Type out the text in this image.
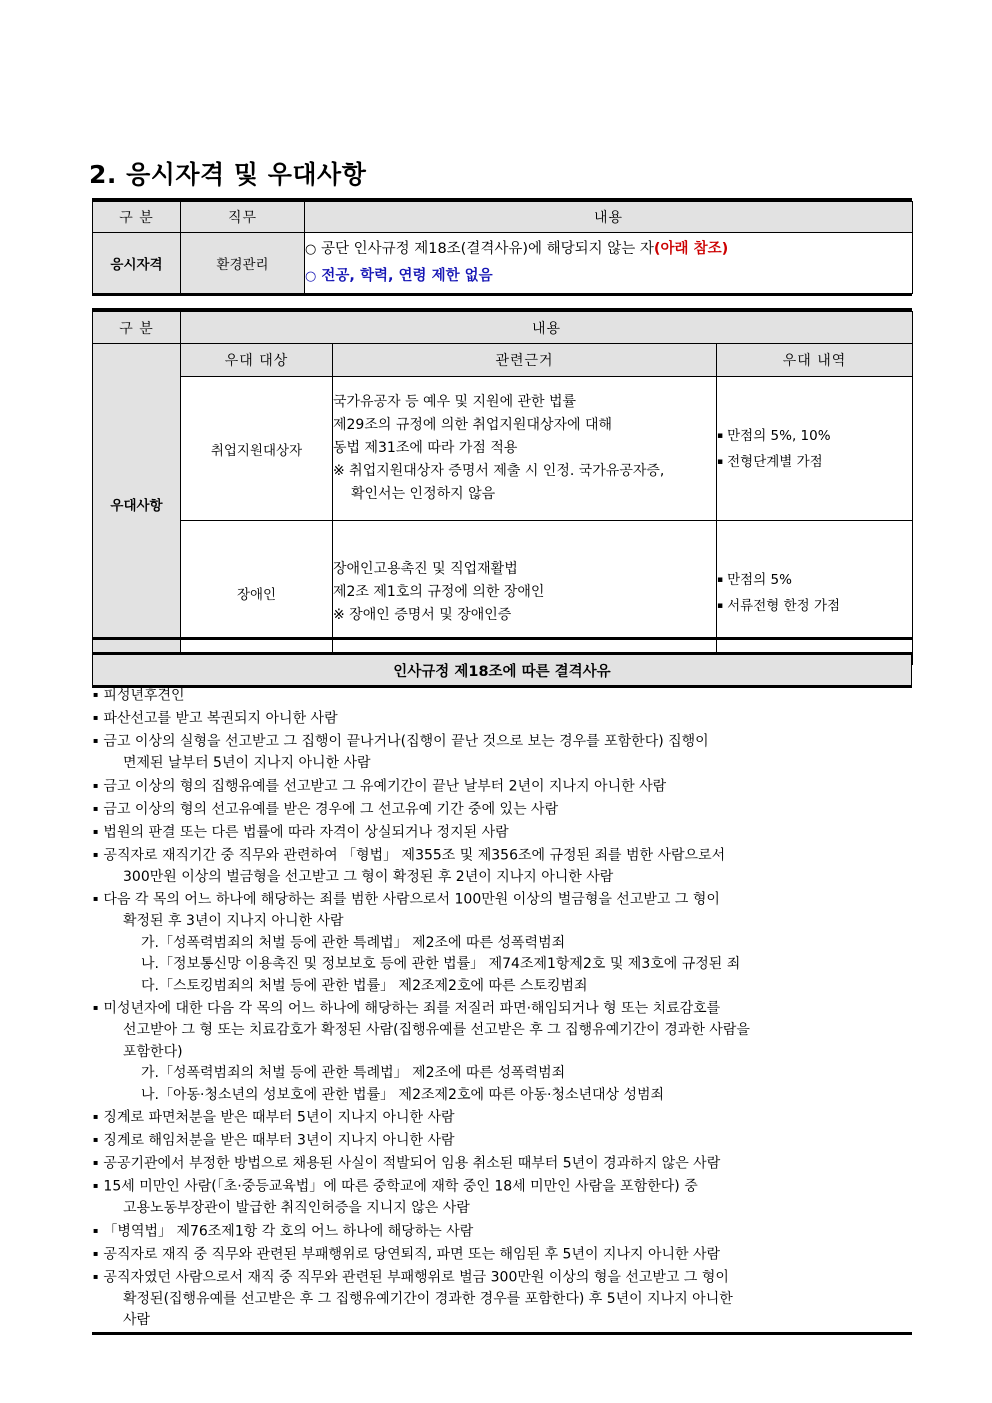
2. 응시자격 및 우대사항
구 분	직무	내용
응시자격	환경관리	○ 공단 인사규정 제18조(결격사유)에 해당되지 않는 자(아래 참조)
○ 전공, 학력, 연령 제한 없음
구 분	내용		

우대사항	우대 대상	관련근거	우대 내역
	취업지원대상자	국가유공자 등 예우 및 지원에 관한 법률
제29조의 규정에 의한 취업지원대상자에 대해
동법 제31조에 따라 가점 적용
※ 취업지원대상자 증명서 제출 시 인정. 국가유공자증,
확인서는 인정하지 않음	▪ 만점의 5%, 10%
▪ 전형단계별 가점

	장애인	장애인고용촉진 및 직업재활법
제2조 제1호의 규정에 의한 장애인
※ 장애인 증명서 및 장애인증	▪ 만점의 5%
▪ 서류전형 한정 가점
인사규정 제18조에 따른 결격사유

▪ 피성년후견인
▪ 파산선고를 받고 복권되지 아니한 사람
▪ 금고 이상의 실형을 선고받고 그 집행이 끝나거나(집행이 끝난 것으로 보는 경우를 포함한다) 집행이
면제된 날부터 5년이 지나지 아니한 사람
▪ 금고 이상의 형의 집행유예를 선고받고 그 유예기간이 끝난 날부터 2년이 지나지 아니한 사람
▪ 금고 이상의 형의 선고유예를 받은 경우에 그 선고유예 기간 중에 있는 사람
▪ 법원의 판결 또는 다른 법률에 따라 자격이 상실되거나 정지된 사람
▪ 공직자로 재직기간 중 직무와 관련하여 「형법」 제355조 및 제356조에 규정된 죄를 범한 사람으로서
300만원 이상의 벌금형을 선고받고 그 형이 확정된 후 2년이 지나지 아니한 사람
▪ 다음 각 목의 어느 하나에 해당하는 죄를 범한 사람으로서 100만원 이상의 벌금형을 선고받고 그 형이
확정된 후 3년이 지나지 아니한 사람
가.「성폭력범죄의 처벌 등에 관한 특례법」 제2조에 따른 성폭력범죄
나.「정보통신망 이용촉진 및 정보보호 등에 관한 법률」 제74조제1항제2호 및 제3호에 규정된 죄
다.「스토킹범죄의 처벌 등에 관한 법률」 제2조제2호에 따른 스토킹범죄
▪ 미성년자에 대한 다음 각 목의 어느 하나에 해당하는 죄를 저질러 파면·해임되거나 형 또는 치료감호를
선고받아 그 형 또는 치료감호가 확정된 사람(집행유예를 선고받은 후 그 집행유예기간이 경과한 사람을
포함한다)
가.「성폭력범죄의 처벌 등에 관한 특례법」 제2조에 따른 성폭력범죄
나.「아동·청소년의 성보호에 관한 법률」 제2조제2호에 따른 아동·청소년대상 성범죄
▪ 징계로 파면처분을 받은 때부터 5년이 지나지 아니한 사람
▪ 징계로 해임처분을 받은 때부터 3년이 지나지 아니한 사람
▪ 공공기관에서 부정한 방법으로 채용된 사실이 적발되어 임용 취소된 때부터 5년이 경과하지 않은 사람
▪ 15세 미만인 사람(「초·중등교육법」에 따른 중학교에 재학 중인 18세 미만인 사람을 포함한다) 중
고용노동부장관이 발급한 취직인허증을 지니지 않은 사람
▪ 「병역법」 제76조제1항 각 호의 어느 하나에 해당하는 사람
▪ 공직자로 재직 중 직무와 관련된 부패행위로 당연퇴직, 파면 또는 해임된 후 5년이 지나지 아니한 사람
▪ 공직자였던 사람으로서 재직 중 직무와 관련된 부패행위로 벌금 300만원 이상의 형을 선고받고 그 형이
확정된(집행유예를 선고받은 후 그 집행유예기간이 경과한 경우를 포함한다) 후 5년이 지나지 아니한
사람
